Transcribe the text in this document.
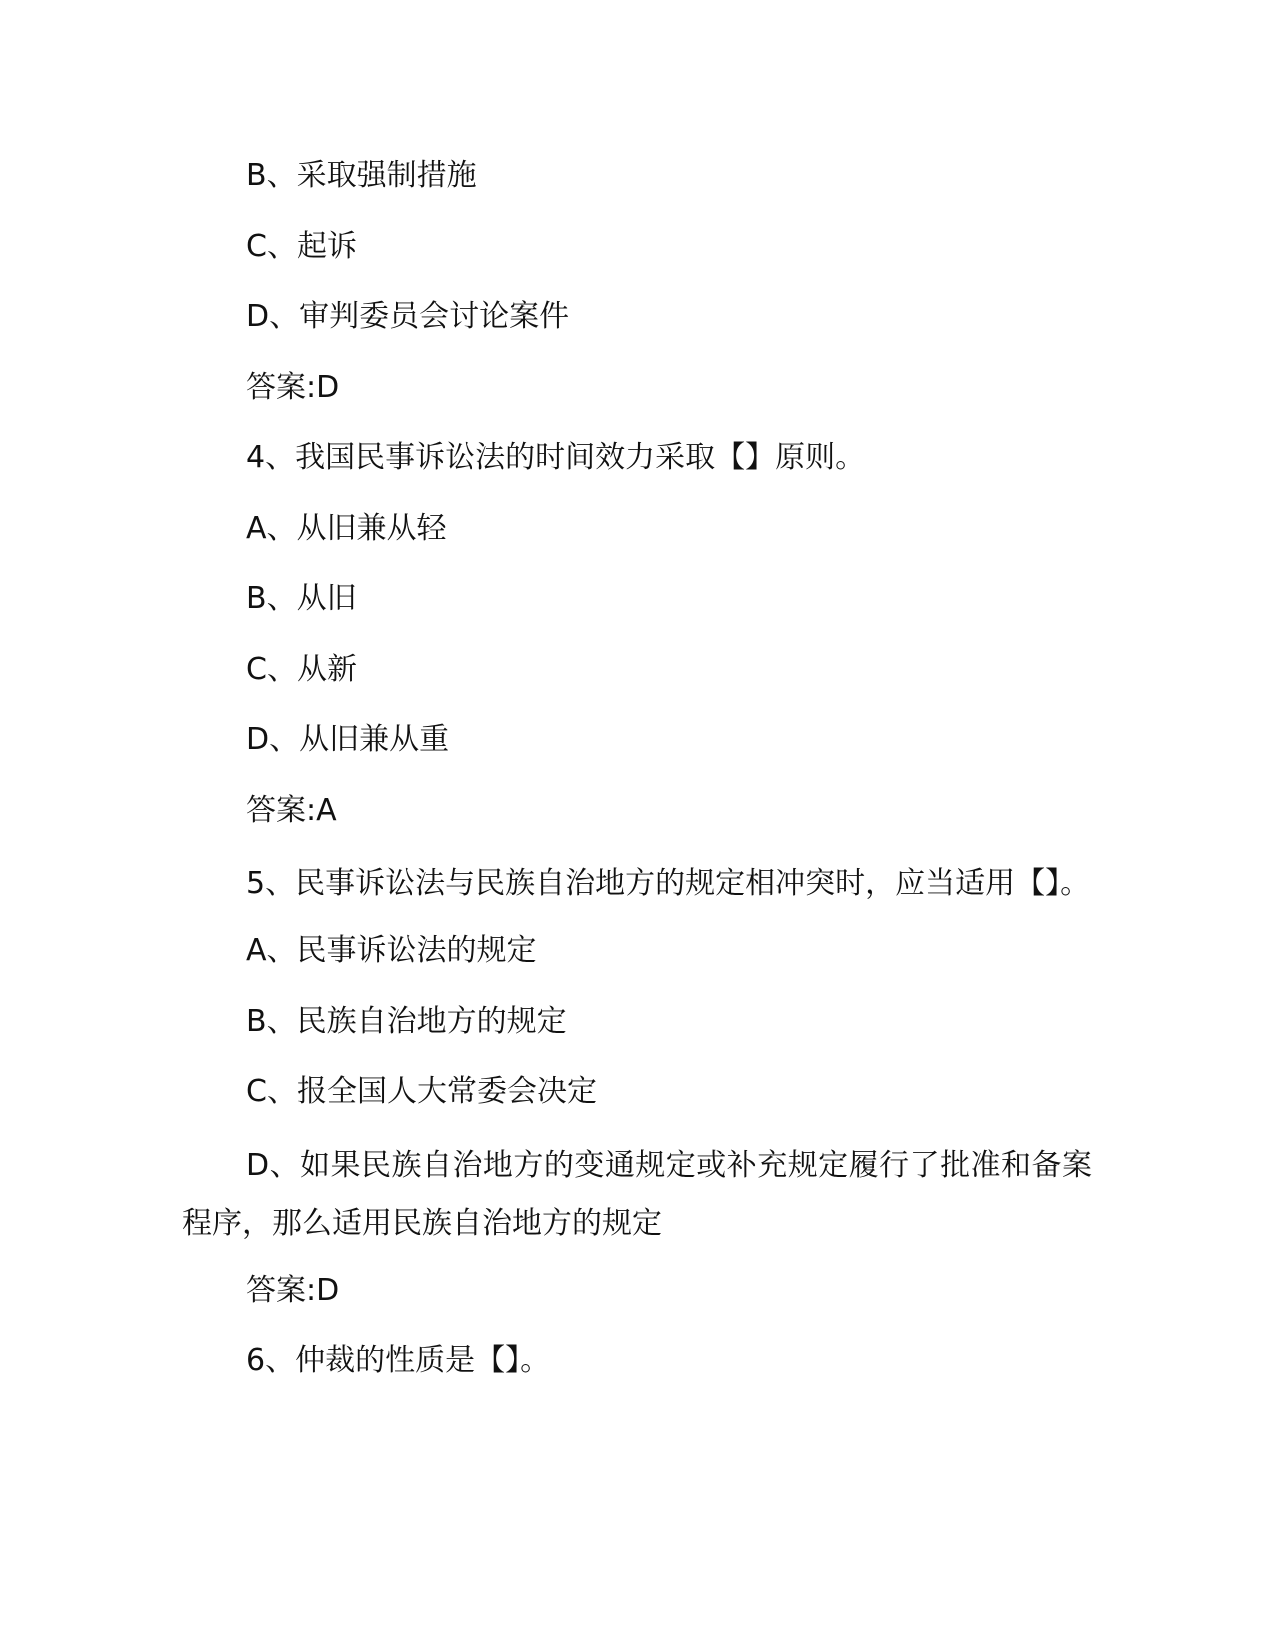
B、采取强制措施
C、起诉
D、审判委员会讨论案件
答案:D
4、我国民事诉讼法的时间效力采取【】原则。
A、从旧兼从轻
B、从旧
C、从新
D、从旧兼从重
答案:A
5、民事诉讼法与民族自治地方的规定相冲突时，应当适用【】。
A、民事诉讼法的规定
B、民族自治地方的规定
C、报全国人大常委会决定
D、如果民族自治地方的变通规定或补充规定履行了批准和备案程序，那么适用民族自治地方的规定
答案:D
6、仲裁的性质是【】。
